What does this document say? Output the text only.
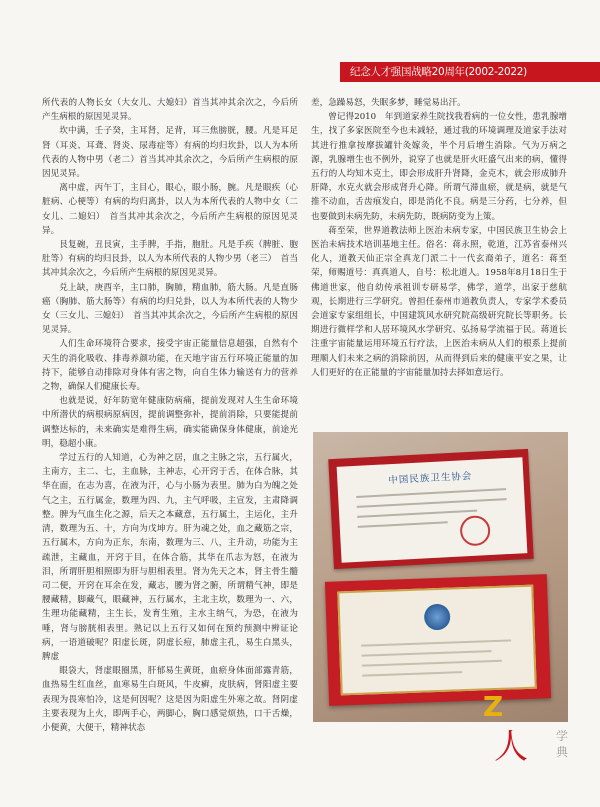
纪念人才强国战略20周年(2002-2022)

所代表的人物长女（大女儿、大媳妇）首当其冲其余次之，今后所产生病根的原因见灵异。

坎中满，壬子癸，主耳肾，足背，耳三焦膀胱，腰。凡是耳足肾（耳炎、耳聋、肾炎、尿毒症等）有病的均归坎卦，以人为本所代表的人物中男（老二）首当其冲其余次之，今后所产生病根的原因见灵异。

离中虚，丙午丁，主目心，眼心，眼小肠，腕。凡是眼疾（心脏病、心梗等）有病的均归离卦，以人为本所代表的人物中女（二女儿、二媳妇）　首当其冲其余次之，今后所产生病根的原因见灵异。

艮复碗，丑艮寅，主手脾，手指，胞肚。凡是手疾（脾脏、胞肚等）有病的均归艮卦，以人为本所代表的人物少男（老三）　首当其冲其余次之，今后所产生病根的原因见灵异。

兑上缺，庚酉辛，主口肺，胸肺，精血肺，筋大肠。凡是直肠癌（胸肺、筋大肠等）有病的均归兑卦，以人为本所代表的人物少女（三女儿、三媳妇）　首当其冲其余次之，今后所产生病根的原因见灵异。

人们生命环境符合要求，接受宇宙正能量信息超强，自然有个天生的消化吸收、排毒养颜功能，在天地宇宙五行环境正能量的加持下，能够自动排除对身体有害之物，向自生体力输送有力的营养之物，确保人们健康长寿。

也就是说，好年防宽年健康防病痛，提前发现对人生生命环境中所潜伏的病根病原病因，提前调整弥补，提前消除，只要能提前调整达标的，未来确实是难得生病，确实能确保身体健康，前途光明，稳超小康。

学过五行的人知道，心为神之居，血之主脉之宗，五行属火，主南方，主二、七，主血脉，主神志，心开窍于舌，在体合脉，其华在面，在志为喜，在液为汗，心与小肠为表里。肺为白为魄之处气之主，五行属金，数理为四、九，主气呼吸，主宣发，主肃降调整。脾为气血生化之源，后天之本藏意，五行属土，主运化，主升清，数理为五、十，方向为戊坤方。肝为魂之处，血之藏筋之宗，五行属木，方向为正东，东南，数理为三、八，主升动，功能为主疏泄，主藏血，开窍于目，在体合筋，其华在爪志为怒，在液为泪，所谓肝胆相照即为肝与胆相表里。肾为先天之本，肾主骨生髓司二便，开窍在耳余在发，藏志，腰为肾之腑，所谓精气神，即是腰藏精，脚藏气，眼藏神，五行属水，主北主坎，数理为一、六，生理功能藏精，主生长，发育生殖，主水主纳气，为恐，在液为唾，肾与膀胱相表里。熟记以上五行又如何在预约预测中辨证论病，一语道破呢？阳虚长斑，阴虚长痘，肺虚主孔，易生白黑头，脾虚

眼袋大，肾虚眼圈黑，肝郁易生黄斑，血瘀身体面部露青筋，血热易生红血丝，血寒易生白斑风，牛皮癣，皮肤病，肾阳虚主要表现为畏寒怕冷，这是何因呢？这是因为阳虚生外寒之故。肾阴虚主要表现为上火，即两手心，两脚心，胸口感觉烦热，口干舌燥，小便黄，大便干，精神状态

差，急躁易怒，失眠多梦，睡觉易出汗。

曾记得2010　年到道家养生院找我看病的一位女性，患乳腺增生，找了多家医院至今也未减轻，通过我的环境调理及道家手法对其进行推拿按摩拔罐针灸嫁灸，半个月后增生消除。气为万病之源，乳腺增生也不例外，说穿了也就是肝火旺盛气出来的病，懂得五行的人均知木克土，即会形成肝升肾降，金克木，就会形成肺升肝降，水克火就会形成肾升心降。所谓气滞血瘀，就是病，就是气推不动血，舌齿痕发白，即是消化不良。病是三分药，七分养，但也要做到未病先防，未病先防，既病防变为上策。

蒋至荣，世界道教法师上医治未病专家，中国民族卫生协会上医治未病技术培训基地主任。俗名：蒋永照，乾道，江苏省泰州兴化人，道教天仙正宗全真龙门派二十一代玄裔弟子，道名：蒋至荣，师赐道号：真真道人，自号：松北道人。1958年8月18日生于佛道世家，他自幼传承祖训专研易学，佛学，道学，出家于慈航观，长期进行三学研究。曾担任泰州市道教负责人，专家学术委员会道家专家组组长，中国建筑风水研究院高级研究院长等职务。长期进行微样学和人居环境风水学研究、弘扬易学流福于民。蒋道长注重宇宙能量运用环境五行疗法，上医治未病从人们的根系上提前理顺人们未来之病的消除前因，从而得到后来的健康平安之果，让人们更好的在正能量的宇宙能量加持去择如意运行。

中国民族卫生协会
Z
人 学典
